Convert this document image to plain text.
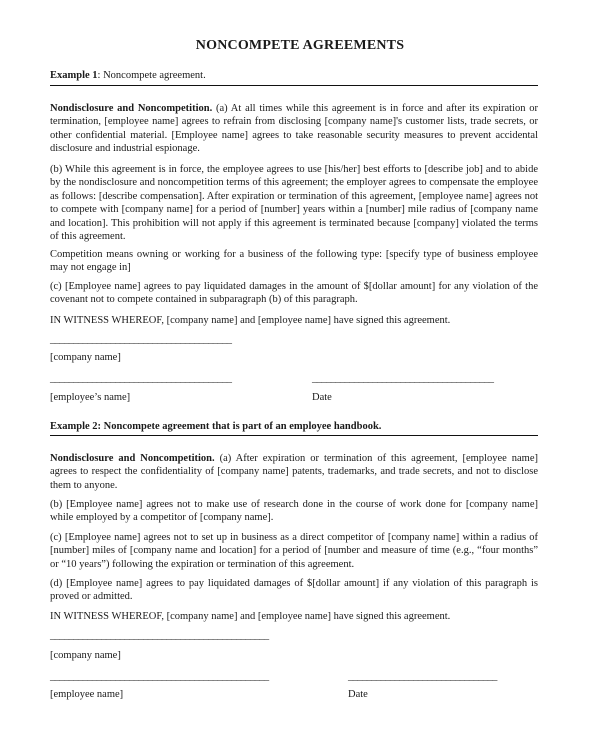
NONCOMPETE AGREEMENTS
Example 1: Noncompete agreement.
Nondisclosure and Noncompetition. (a) At all times while this agreement is in force and after its expiration or termination, [employee name] agrees to refrain from disclosing [company name]'s customer lists, trade secrets, or other confidential material. [Employee name] agrees to take reasonable security measures to prevent accidental disclosure and industrial espionage.
(b) While this agreement is in force, the employee agrees to use [his/her] best efforts to [describe job] and to abide by the nondisclosure and noncompetition terms of this agreement; the employer agrees to compensate the employee as follows: [describe compensation]. After expiration or termination of this agreement, [employee name] agrees not to compete with [company name] for a period of [number] years within a [number] mile radius of [company name and location]. This prohibition will not apply if this agreement is terminated because [company] violated the terms of this agreement.
Competition means owning or working for a business of the following type: [specify type of business employee may not engage in]
(c) [Employee name] agrees to pay liquidated damages in the amount of $[dollar amount] for any violation of the covenant not to compete contained in subparagraph (b) of this paragraph.
IN WITNESS WHEREOF, [company name] and [employee name] have signed this agreement.
_______________________________________
[company name]
_______________________________________
[employee’s name]
_______________________________________
Date
Example 2: Noncompete agreement that is part of an employee handbook.
Nondisclosure and Noncompetition. (a) After expiration or termination of this agreement, [employee name] agrees to respect the confidentiality of [company name] patents, trademarks, and trade secrets, and not to disclose them to anyone.
(b) [Employee name] agrees not to make use of research done in the course of work done for [company name] while employed by a competitor of [company name].
(c) [Employee name] agrees not to set up in business as a direct competitor of [company name] within a radius of [number] miles of [company name and location] for a period of [number and measure of time (e.g., “four months” or “10 years”) following the expiration or termination of this agreement.
(d) [Employee name] agrees to pay liquidated damages of $[dollar amount] if any violation of this paragraph is proved or admitted.
IN WITNESS WHEREOF, [company name] and [employee name] have signed this agreement.
_______________________________________________
[company name]
_______________________________________________
[employee name]
________________________________
Date
